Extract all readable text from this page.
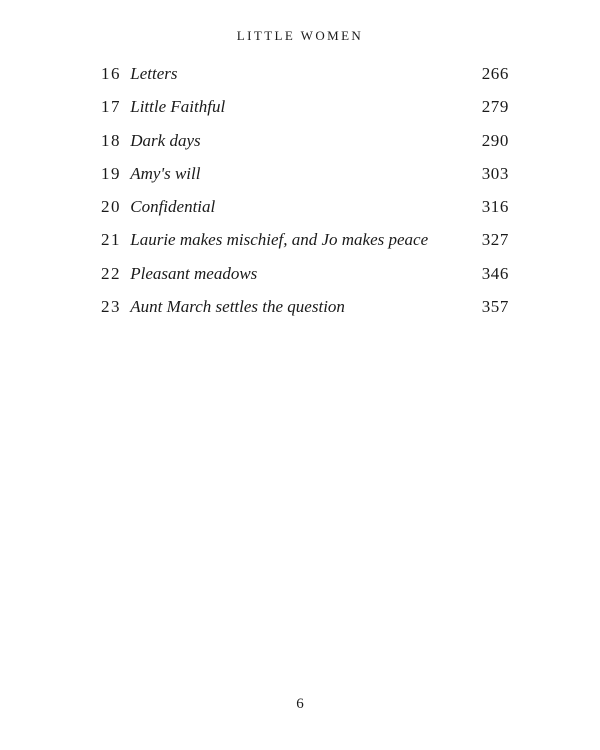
LITTLE WOMEN
16 Letters	266
17 Little Faithful	279
18 Dark days	290
19 Amy's will	303
20 Confidential	316
21 Laurie makes mischief, and Jo makes peace	327
22 Pleasant meadows	346
23 Aunt March settles the question	357
6
